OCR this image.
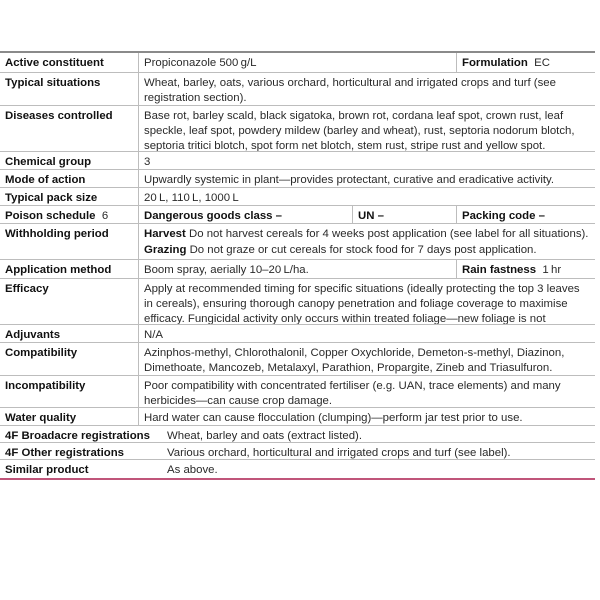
Active constituent	Propiconazole 500 g/L	Formulation EC
Typical situations	Wheat, barley, oats, various orchard, horticultural and irrigated crops and turf (see registration section).
Diseases controlled	Base rot, barley scald, black sigatoka, brown rot, cordana leaf spot, crown rust, leaf speckle, leaf spot, powdery mildew (barley and wheat), rust, septoria nodorum blotch, septoria tritici blotch, spot form net blotch, stem rust, stripe rust and yellow spot.
Chemical group	3
Mode of action	Upwardly systemic in plant—provides protectant, curative and eradicative activity.
Typical pack size	20 L, 110 L, 1000 L
Poison schedule 6	Dangerous goods class –	UN –	Packing code –
Withholding period	Harvest Do not harvest cereals for 4 weeks post application (see label for all situations).
Grazing Do not graze or cut cereals for stock food for 7 days post application.
Application method	Boom spray, aerially 10–20 L/ha.	Rain fastness 1 hr
Efficacy	Apply at recommended timing for specific situations (ideally protecting the top 3 leaves in cereals), ensuring thorough canopy penetration and foliage coverage to maximise efficacy. Fungicidal activity only occurs within treated foliage—new foliage is not
Adjuvants	N/A
Compatibility	Azinphos-methyl, Chlorothalonil, Copper Oxychloride, Demeton-s-methyl, Diazinon, Dimethoate, Mancozeb, Metalaxyl, Parathion, Propargite, Zineb and Triasulfuron.
Incompatibility	Poor compatibility with concentrated fertiliser (e.g. UAN, trace elements) and many herbicides—can cause crop damage.
Water quality	Hard water can cause flocculation (clumping)—perform jar test prior to use.
4F Broadacre registrations	Wheat, barley and oats (extract listed).
4F Other registrations	Various orchard, horticultural and irrigated crops and turf (see label).
Similar product	As above.
